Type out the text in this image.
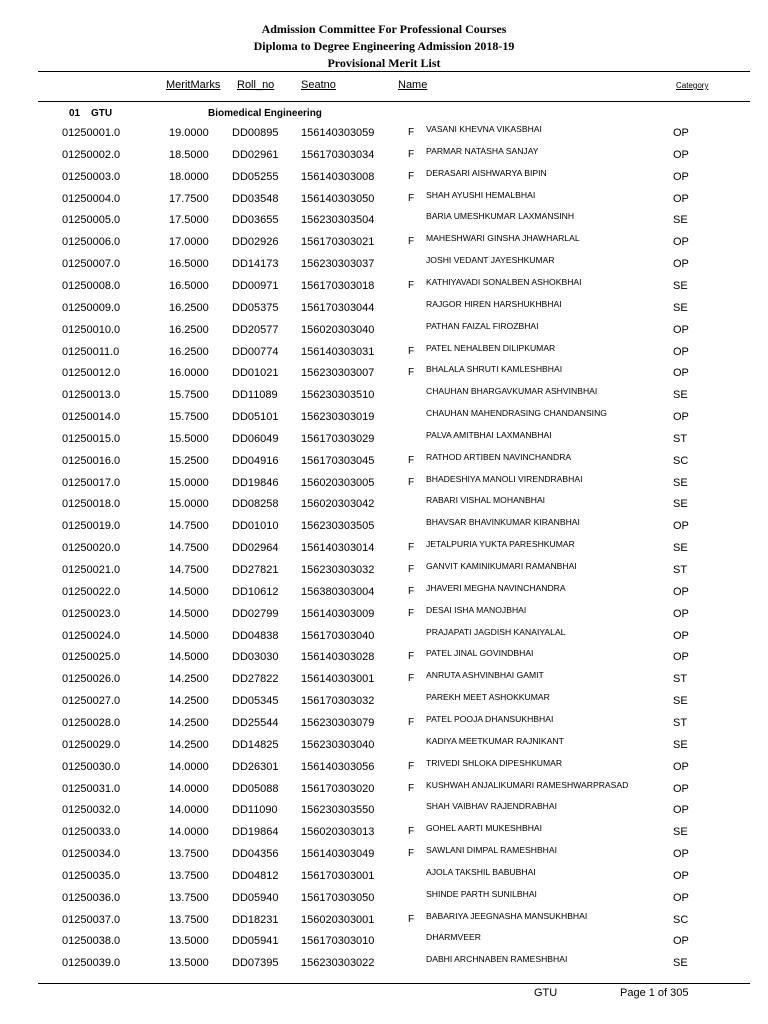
Admission Committee For Professional Courses
Diploma to Degree Engineering Admission 2018-19
Provisional Merit List
MeritMarks Roll_no Seatno	Name	Category
01 GTU	Biomedical Engineering
01250001.0	19.0000 DD00895 156140303059	F VASANI KHEVNA VIKASBHAI	OP
01250002.0	18.5000 DD02961 156170303034	F PARMAR NATASHA SANJAY	OP
01250003.0	18.0000 DD05255 156140303008	F DERASARI AISHWARYA BIPIN	OP
01250004.0	17.7500 DD03548 156140303050	F SHAH AYUSHI HEMALBHAI	OP
01250005.0	17.5000 DD03655 156230303504	BARIA UMESHKUMAR LAXMANSINH	SE
01250006.0	17.0000 DD02926 156170303021	F MAHESHWARI GINSHA JHAWHARLAL	OP
01250007.0	16.5000 DD14173 156230303037	JOSHI VEDANT JAYESHKUMAR	OP
01250008.0	16.5000 DD00971 156170303018	F KATHIYAVADI SONALBEN ASHOKBHAI	SE
01250009.0	16.2500 DD05375 156170303044	RAJGOR HIREN HARSHUKHBHAI	SE
01250010.0	16.2500 DD20577 156020303040	PATHAN FAIZAL FIROZBHAI	OP
01250011.0	16.2500 DD00774 156140303031	F PATEL NEHALBEN DILIPKUMAR	OP
01250012.0	16.0000 DD01021 156230303007	F BHALALA SHRUTI KAMLESHBHAI	OP
01250013.0	15.7500 DD11089 156230303510	CHAUHAN BHARGAVKUMAR ASHVINBHAI	SE
01250014.0	15.7500 DD05101 156230303019	CHAUHAN MAHENDRASING CHANDANSING	OP
01250015.0	15.5000 DD06049 156170303029	PALVA AMITBHAI LAXMANBHAI	ST
01250016.0	15.2500 DD04916 156170303045	F RATHOD ARTIBEN NAVINCHANDRA	SC
01250017.0	15.0000 DD19846 156020303005	F BHADESHIYA MANOLI VIRENDRABHAI	SE
01250018.0	15.0000 DD08258 156020303042	RABARI VISHAL MOHANBHAI	SE
01250019.0	14.7500 DD01010 156230303505	BHAVSAR BHAVINKUMAR KIRANBHAI	OP
01250020.0	14.7500 DD02964 156140303014	F JETALPURIA YUKTA PARESHKUMAR	SE
01250021.0	14.7500 DD27821 156230303032	F GANVIT KAMINIKUMARI RAMANBHAI	ST
01250022.0	14.5000 DD10612 156380303004	F JHAVERI MEGHA NAVINCHANDRA	OP
01250023.0	14.5000 DD02799 156140303009	F DESAI ISHA MANOJBHAI	OP
01250024.0	14.5000 DD04838 156170303040	PRAJAPATI JAGDISH KANAIYALAL	OP
01250025.0	14.5000 DD03030 156140303028	F PATEL JINAL GOVINDBHAI	OP
01250026.0	14.2500 DD27822 156140303001	F ANRUTA ASHVINBHAI GAMIT	ST
01250027.0	14.2500 DD05345 156170303032	PAREKH MEET ASHOKKUMAR	SE
01250028.0	14.2500 DD25544 156230303079	F PATEL POOJA DHANSUKHBHAI	ST
01250029.0	14.2500 DD14825 156230303040	KADIYA MEETKUMAR RAJNIKANT	SE
01250030.0	14.0000 DD26301 156140303056	F TRIVEDI SHLOKA DIPESHKUMAR	OP
01250031.0	14.0000 DD05088 156170303020	F KUSHWAH ANJALIKUMARI RAMESHWARPRASAD	OP
01250032.0	14.0000 DD11090 156230303550	SHAH VAIBHAV RAJENDRABHAI	OP
01250033.0	14.0000 DD19864 156020303013	F GOHEL AARTI MUKESHBHAI	SE
01250034.0	13.7500 DD04356 156140303049	F SAWLANI DIMPAL RAMESHBHAI	OP
01250035.0	13.7500 DD04812 156170303001	AJOLA TAKSHIL BABUBHAI	OP
01250036.0	13.7500 DD05940 156170303050	SHINDE PARTH SUNILBHAI	OP
01250037.0	13.7500 DD18231 156020303001	F BABARIYA JEEGNASHA MANSUKHBHAI	SC
01250038.0	13.5000 DD05941 156170303010	DHARMVEER	OP
01250039.0	13.5000 DD07395 156230303022	DABHI ARCHNABEN RAMESHBHAI	SE
GTU	Page 1 of 305
